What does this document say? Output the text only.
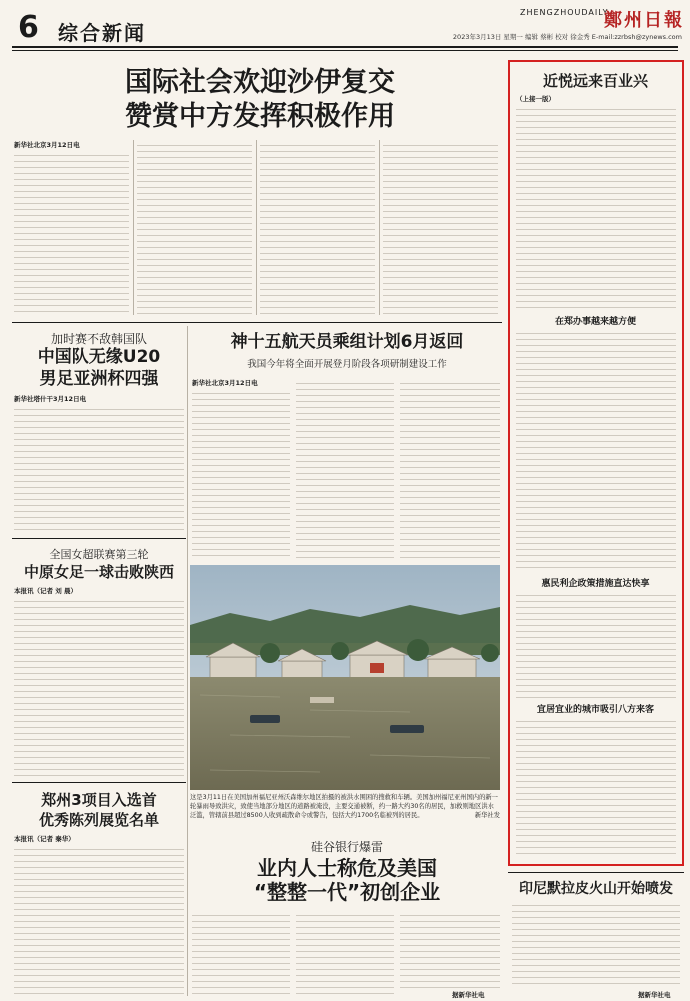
6 综合新闻
ZHENGZHOUDAILY
鄭州日報
2023年3月13日 星期一 编辑 蔡彬 校对 徐金秀 E-mail:zzrbsh@zynews.com
国际社会欢迎沙伊复交
赞赏中方发挥积极作用
新华社北京3月12日电
加时赛不敌韩国队
中国队无缘U20
男足亚洲杯四强
新华社塔什干3月12日电
全国女超联赛第三轮
中原女足一球击败陕西
本报讯（记者 刘 晨）
郑州3项目入选首
优秀陈列展览名单
本报讯（记者 秦华）
神十五航天员乘组计划6月返回
我国今年将全面开展登月阶段各项研制建设工作
新华社北京3月12日电
这是3月11日在美国加州福尼亚州沃森维尔地区拍摄的被洪水围困的搜救和车辆。美国加州福尼亚州国内的新一轮暴雨导致洪灾，致使当地部分地区的道路被淹没，主要交通被断，约一路大约30名的居民，加救则地区洪水泛滥，管辖前县超过8500人收到疏散命令或警告，包括大约1700名临被列的居民。	新华社发
硅谷银行爆雷
业内人士称危及美国
“整整一代”初创企业
据新华社电
近悦远来百业兴
（上接一版）
在郑办事越来越方便
惠民利企政策措施直达快享
宜居宜业的城市吸引八方来客
印尼默拉皮火山开始喷发
据新华社电
